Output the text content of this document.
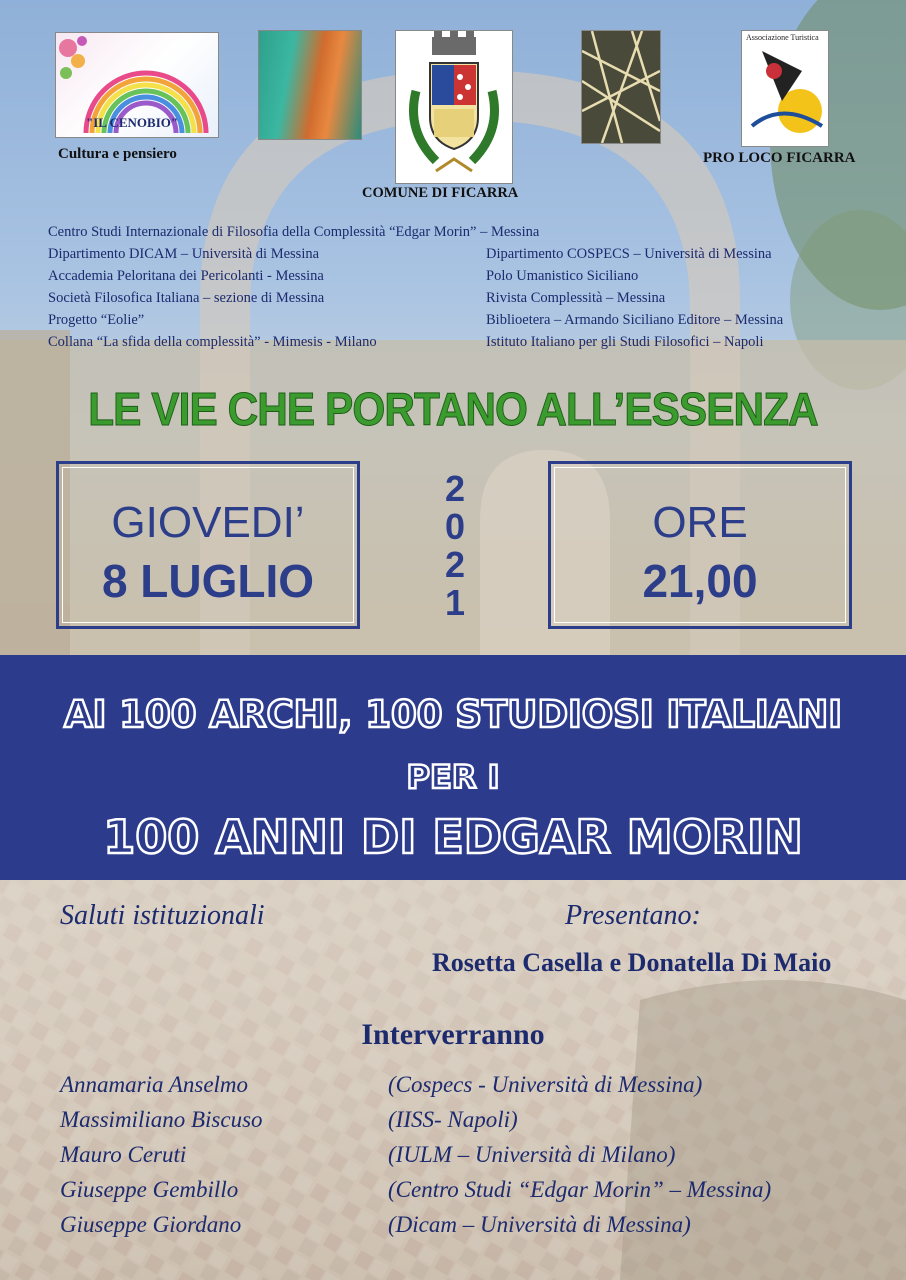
"IL CENOBIO"
Cultura e pensiero
COMUNE DI FICARRA
Associazione Turistica
PRO LOCO FICARRA
Centro Studi Internazionale di Filosofia della Complessità “Edgar Morin” – Messina
Dipartimento DICAM – Università di Messina
Accademia Peloritana dei Pericolanti - Messina
Società Filosofica Italiana – sezione di Messina
Progetto “Eolie”
Collana “La sfida della complessità” - Mimesis - Milano
Dipartimento COSPECS – Università di Messina
Polo Umanistico Siciliano
Rivista Complessità – Messina
Biblioetera – Armando Siciliano Editore – Messina
Istituto Italiano per gli Studi Filosofici – Napoli
LE VIE CHE PORTANO ALL’ESSENZA
GIOVEDI’
8 LUGLIO
2
0
2
1
ORE
21,00
AI 100 ARCHI, 100 STUDIOSI ITALIANI
PER I
100 ANNI DI EDGAR MORIN
Saluti istituzionali	Presentano:
Rosetta Casella e Donatella Di Maio
Interverranno
Annamaria Anselmo	(Cospecs - Università di Messina)
Massimiliano Biscuso	(IISS- Napoli)
Mauro Ceruti	(IULM – Università di Milano)
Giuseppe Gembillo	(Centro Studi “Edgar Morin” – Messina)
Giuseppe Giordano	(Dicam – Università di Messina)
